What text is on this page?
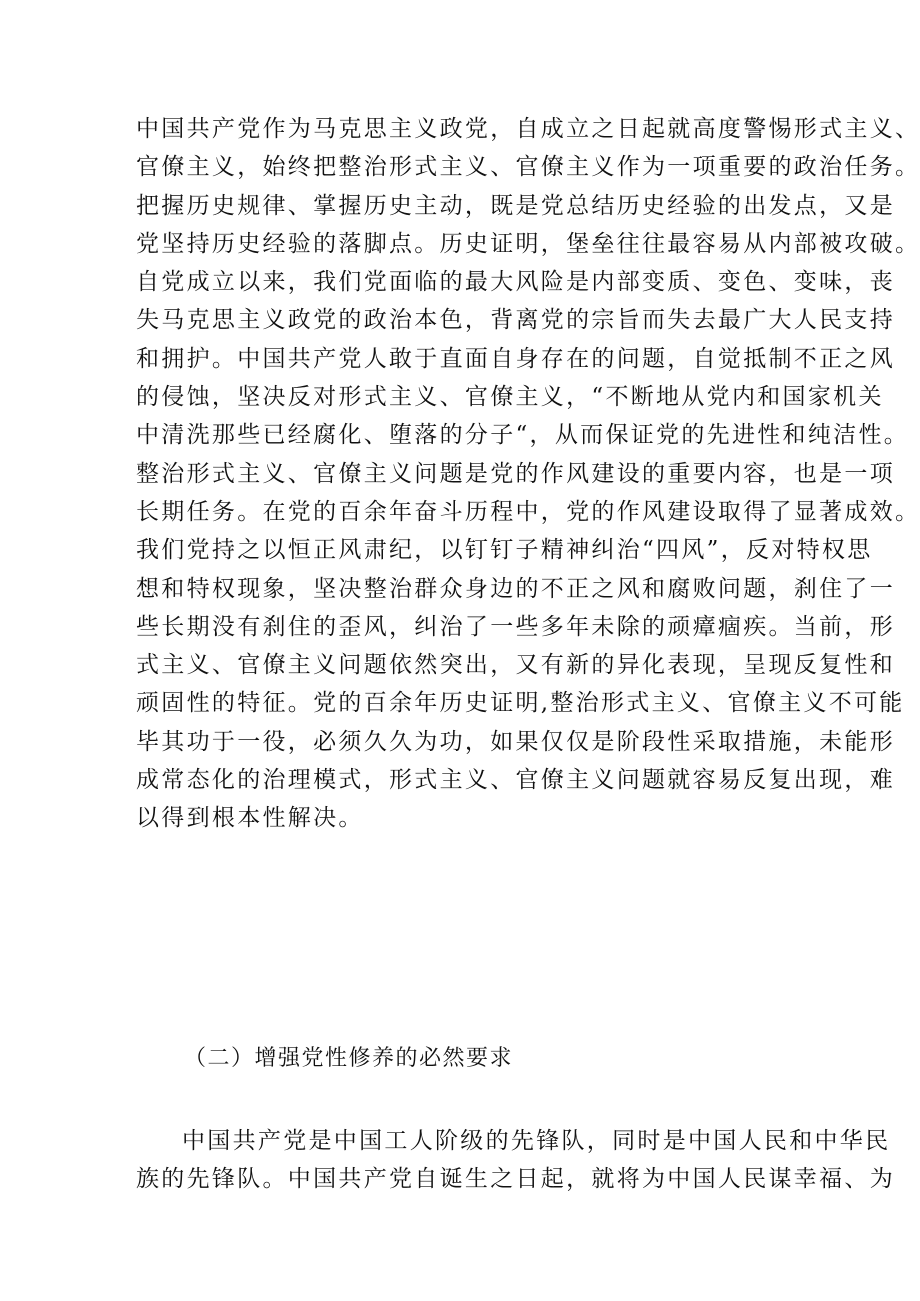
中国共产党作为马克思主义政党，自成立之日起就高度警惕形式主义、
官僚主义，始终把整治形式主义、官僚主义作为一项重要的政治任务。
把握历史规律、掌握历史主动，既是党总结历史经验的出发点，又是
党坚持历史经验的落脚点。历史证明，堡垒往往最容易从内部被攻破。
自党成立以来，我们党面临的最大风险是内部变质、变色、变味，丧
失马克思主义政党的政治本色，背离党的宗旨而失去最广大人民支持
和拥护。中国共产党人敢于直面自身存在的问题，自觉抵制不正之风
的侵蚀，坚决反对形式主义、官僚主义，“不断地从党内和国家机关
中清洗那些已经腐化、堕落的分子“，从而保证党的先进性和纯洁性。
整治形式主义、官僚主义问题是党的作风建设的重要内容，也是一项
长期任务。在党的百余年奋斗历程中，党的作风建设取得了显著成效。
我们党持之以恒正风肃纪，以钉钉子精神纠治“四风”，反对特权思
想和特权现象，坚决整治群众身边的不正之风和腐败问题，刹住了一
些长期没有刹住的歪风，纠治了一些多年未除的顽瘴痼疾。当前，形
式主义、官僚主义问题依然突出，又有新的异化表现，呈现反复性和
顽固性的特征。党的百余年历史证明,整治形式主义、官僚主义不可能
毕其功于一役，必须久久为功，如果仅仅是阶段性采取措施，未能形
成常态化的治理模式，形式主义、官僚主义问题就容易反复出现，难
以得到根本性解决。
（二）增强党性修养的必然要求
中国共产党是中国工人阶级的先锋队，同时是中国人民和中华民
族的先锋队。中国共产党自诞生之日起，就将为中国人民谋幸福、为
